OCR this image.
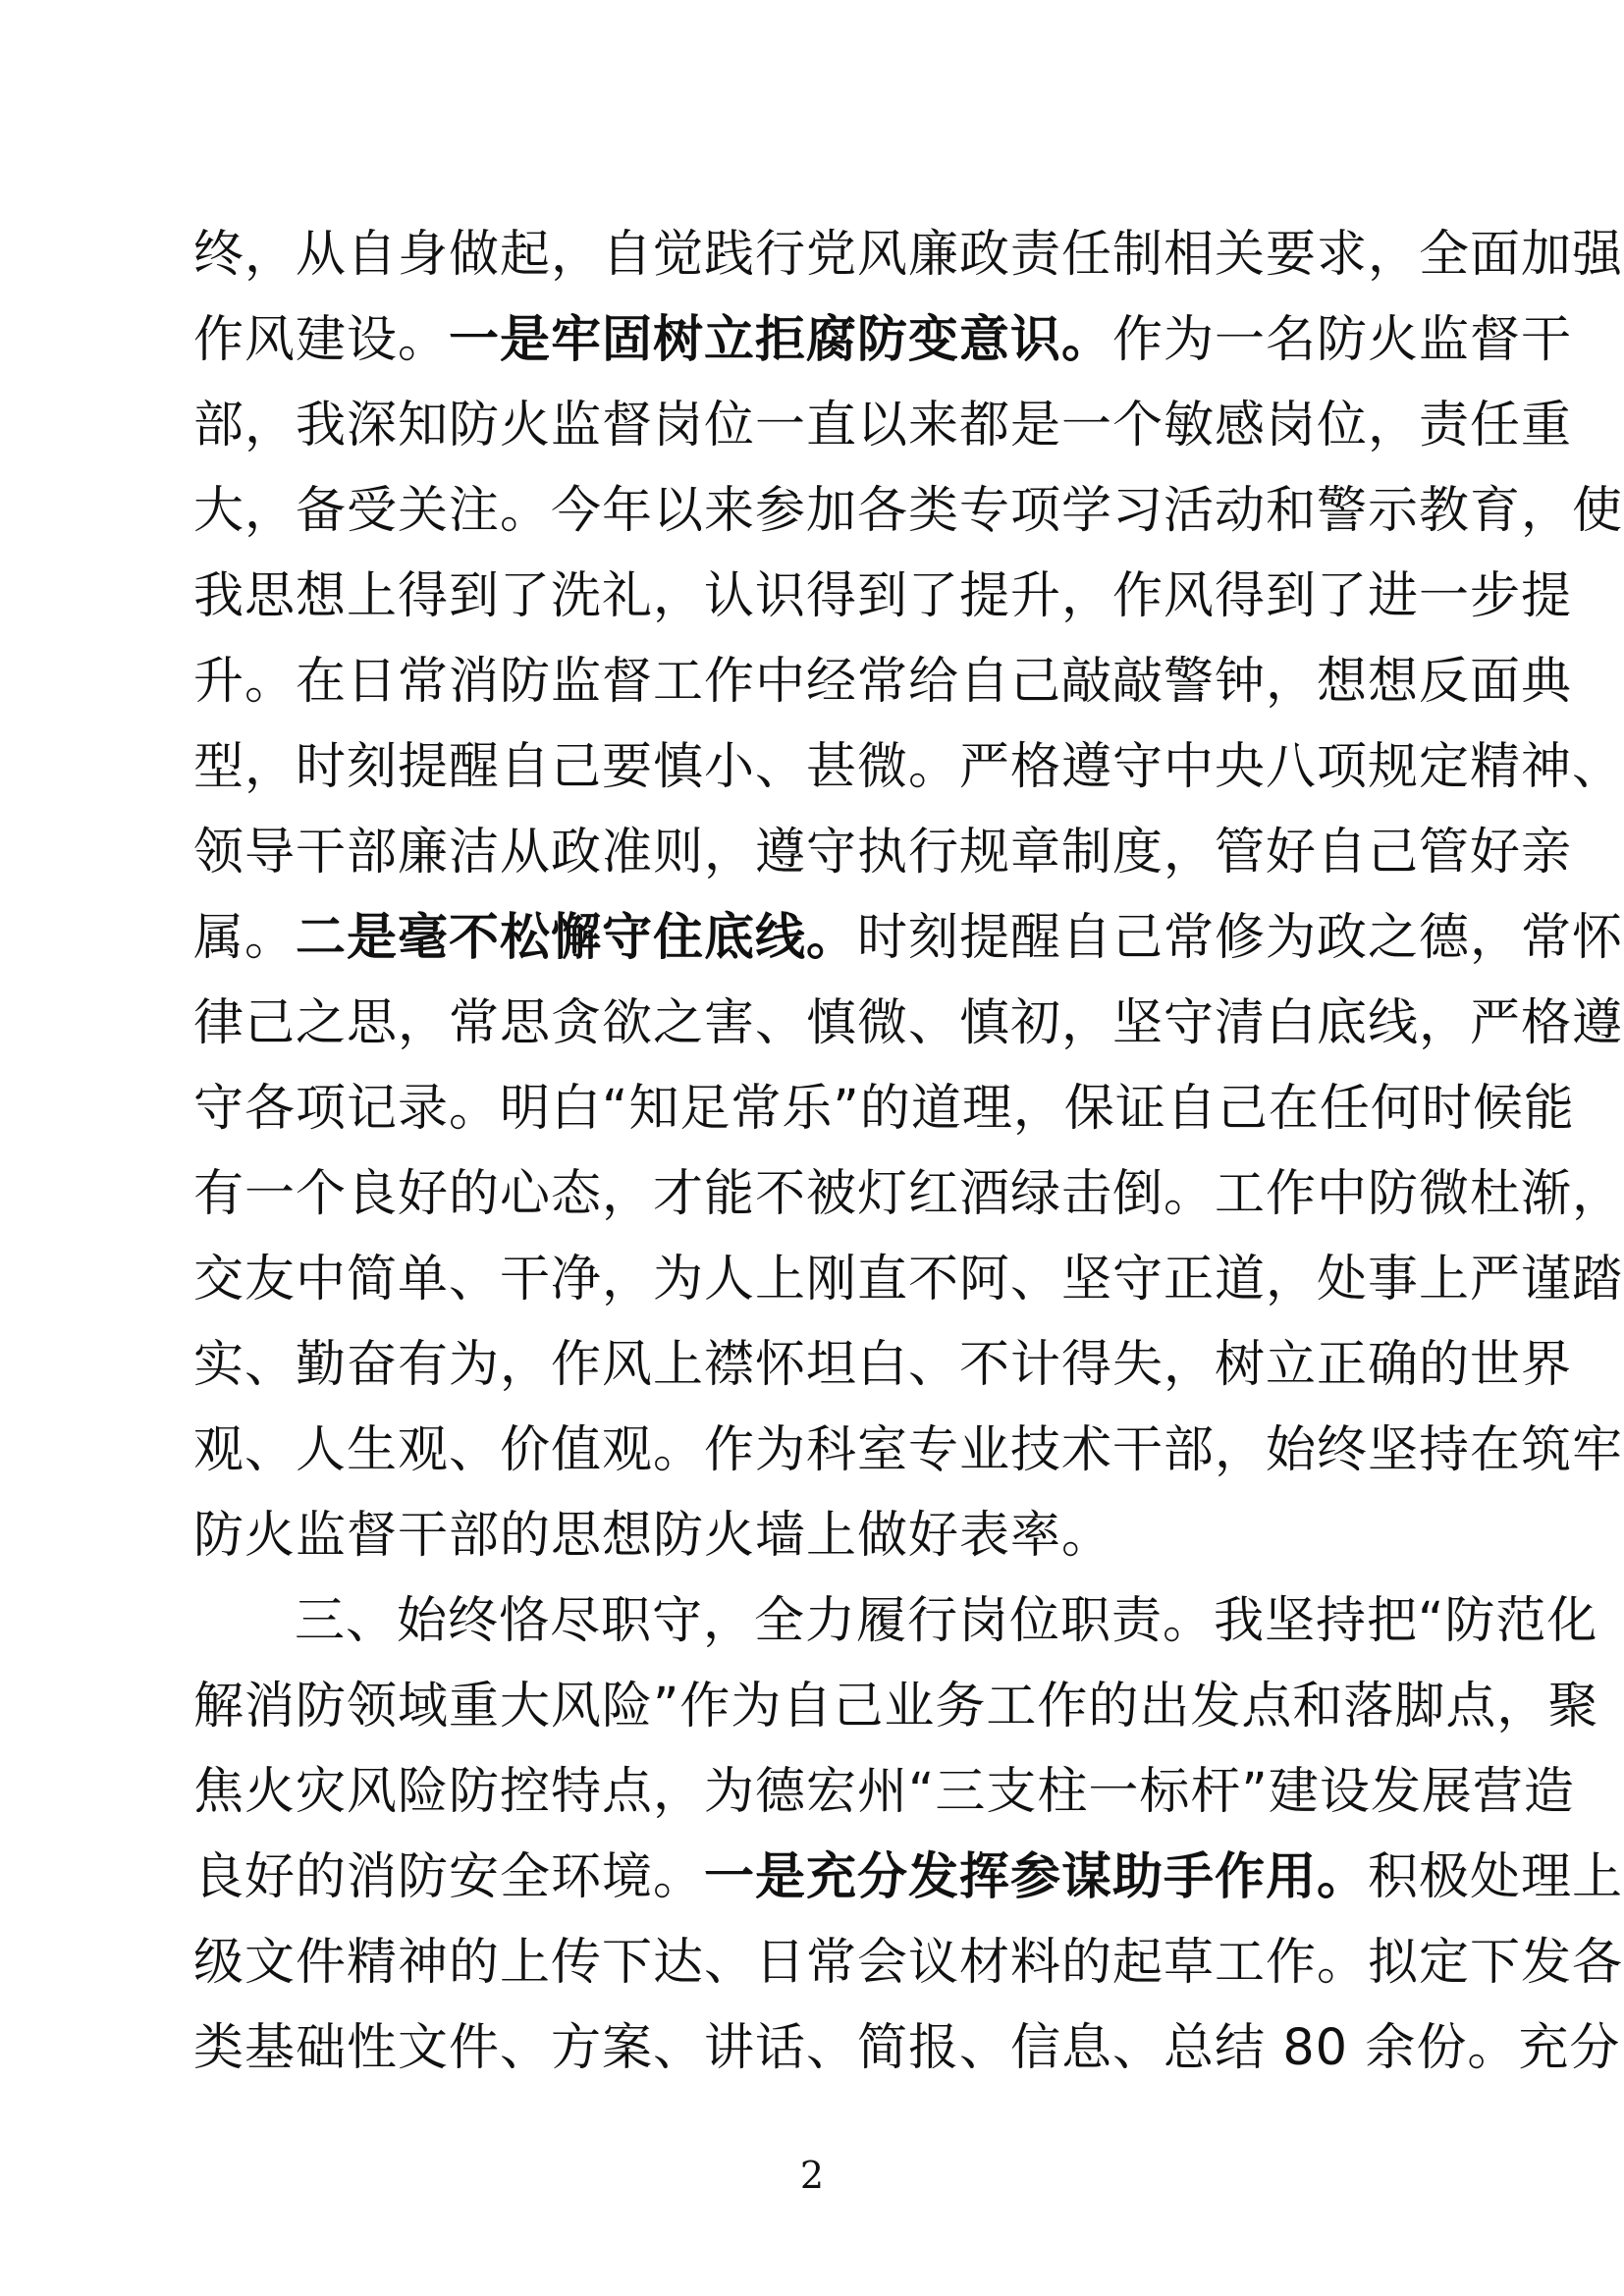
终，从自身做起，自觉践行党风廉政责任制相关要求，全面加强
作风建设。一是牢固树立拒腐防变意识。作为一名防火监督干
部，我深知防火监督岗位一直以来都是一个敏感岗位，责任重
大，备受关注。今年以来参加各类专项学习活动和警示教育，使
我思想上得到了洗礼，认识得到了提升，作风得到了进一步提
升。在日常消防监督工作中经常给自己敲敲警钟，想想反面典
型，时刻提醒自己要慎小、甚微。严格遵守中央八项规定精神、
领导干部廉洁从政准则，遵守执行规章制度，管好自己管好亲
属。二是毫不松懈守住底线。时刻提醒自己常修为政之德，常怀
律己之思，常思贪欲之害、慎微、慎初，坚守清白底线，严格遵
守各项记录。明白“知足常乐”的道理，保证自己在任何时候能
有一个良好的心态，才能不被灯红酒绿击倒。工作中防微杜渐，
交友中简单、干净，为人上刚直不阿、坚守正道，处事上严谨踏
实、勤奋有为，作风上襟怀坦白、不计得失，树立正确的世界
观、人生观、价值观。作为科室专业技术干部，始终坚持在筑牢
防火监督干部的思想防火墙上做好表率。
三、始终恪尽职守，全力履行岗位职责。我坚持把“防范化
解消防领域重大风险”作为自己业务工作的出发点和落脚点，聚
焦火灾风险防控特点，为德宏州“三支柱一标杆”建设发展营造
良好的消防安全环境。一是充分发挥参谋助手作用。积极处理上
级文件精神的上传下达、日常会议材料的起草工作。拟定下发各
类基础性文件、方案、讲话、简报、信息、总结 80 余份。充分
2
